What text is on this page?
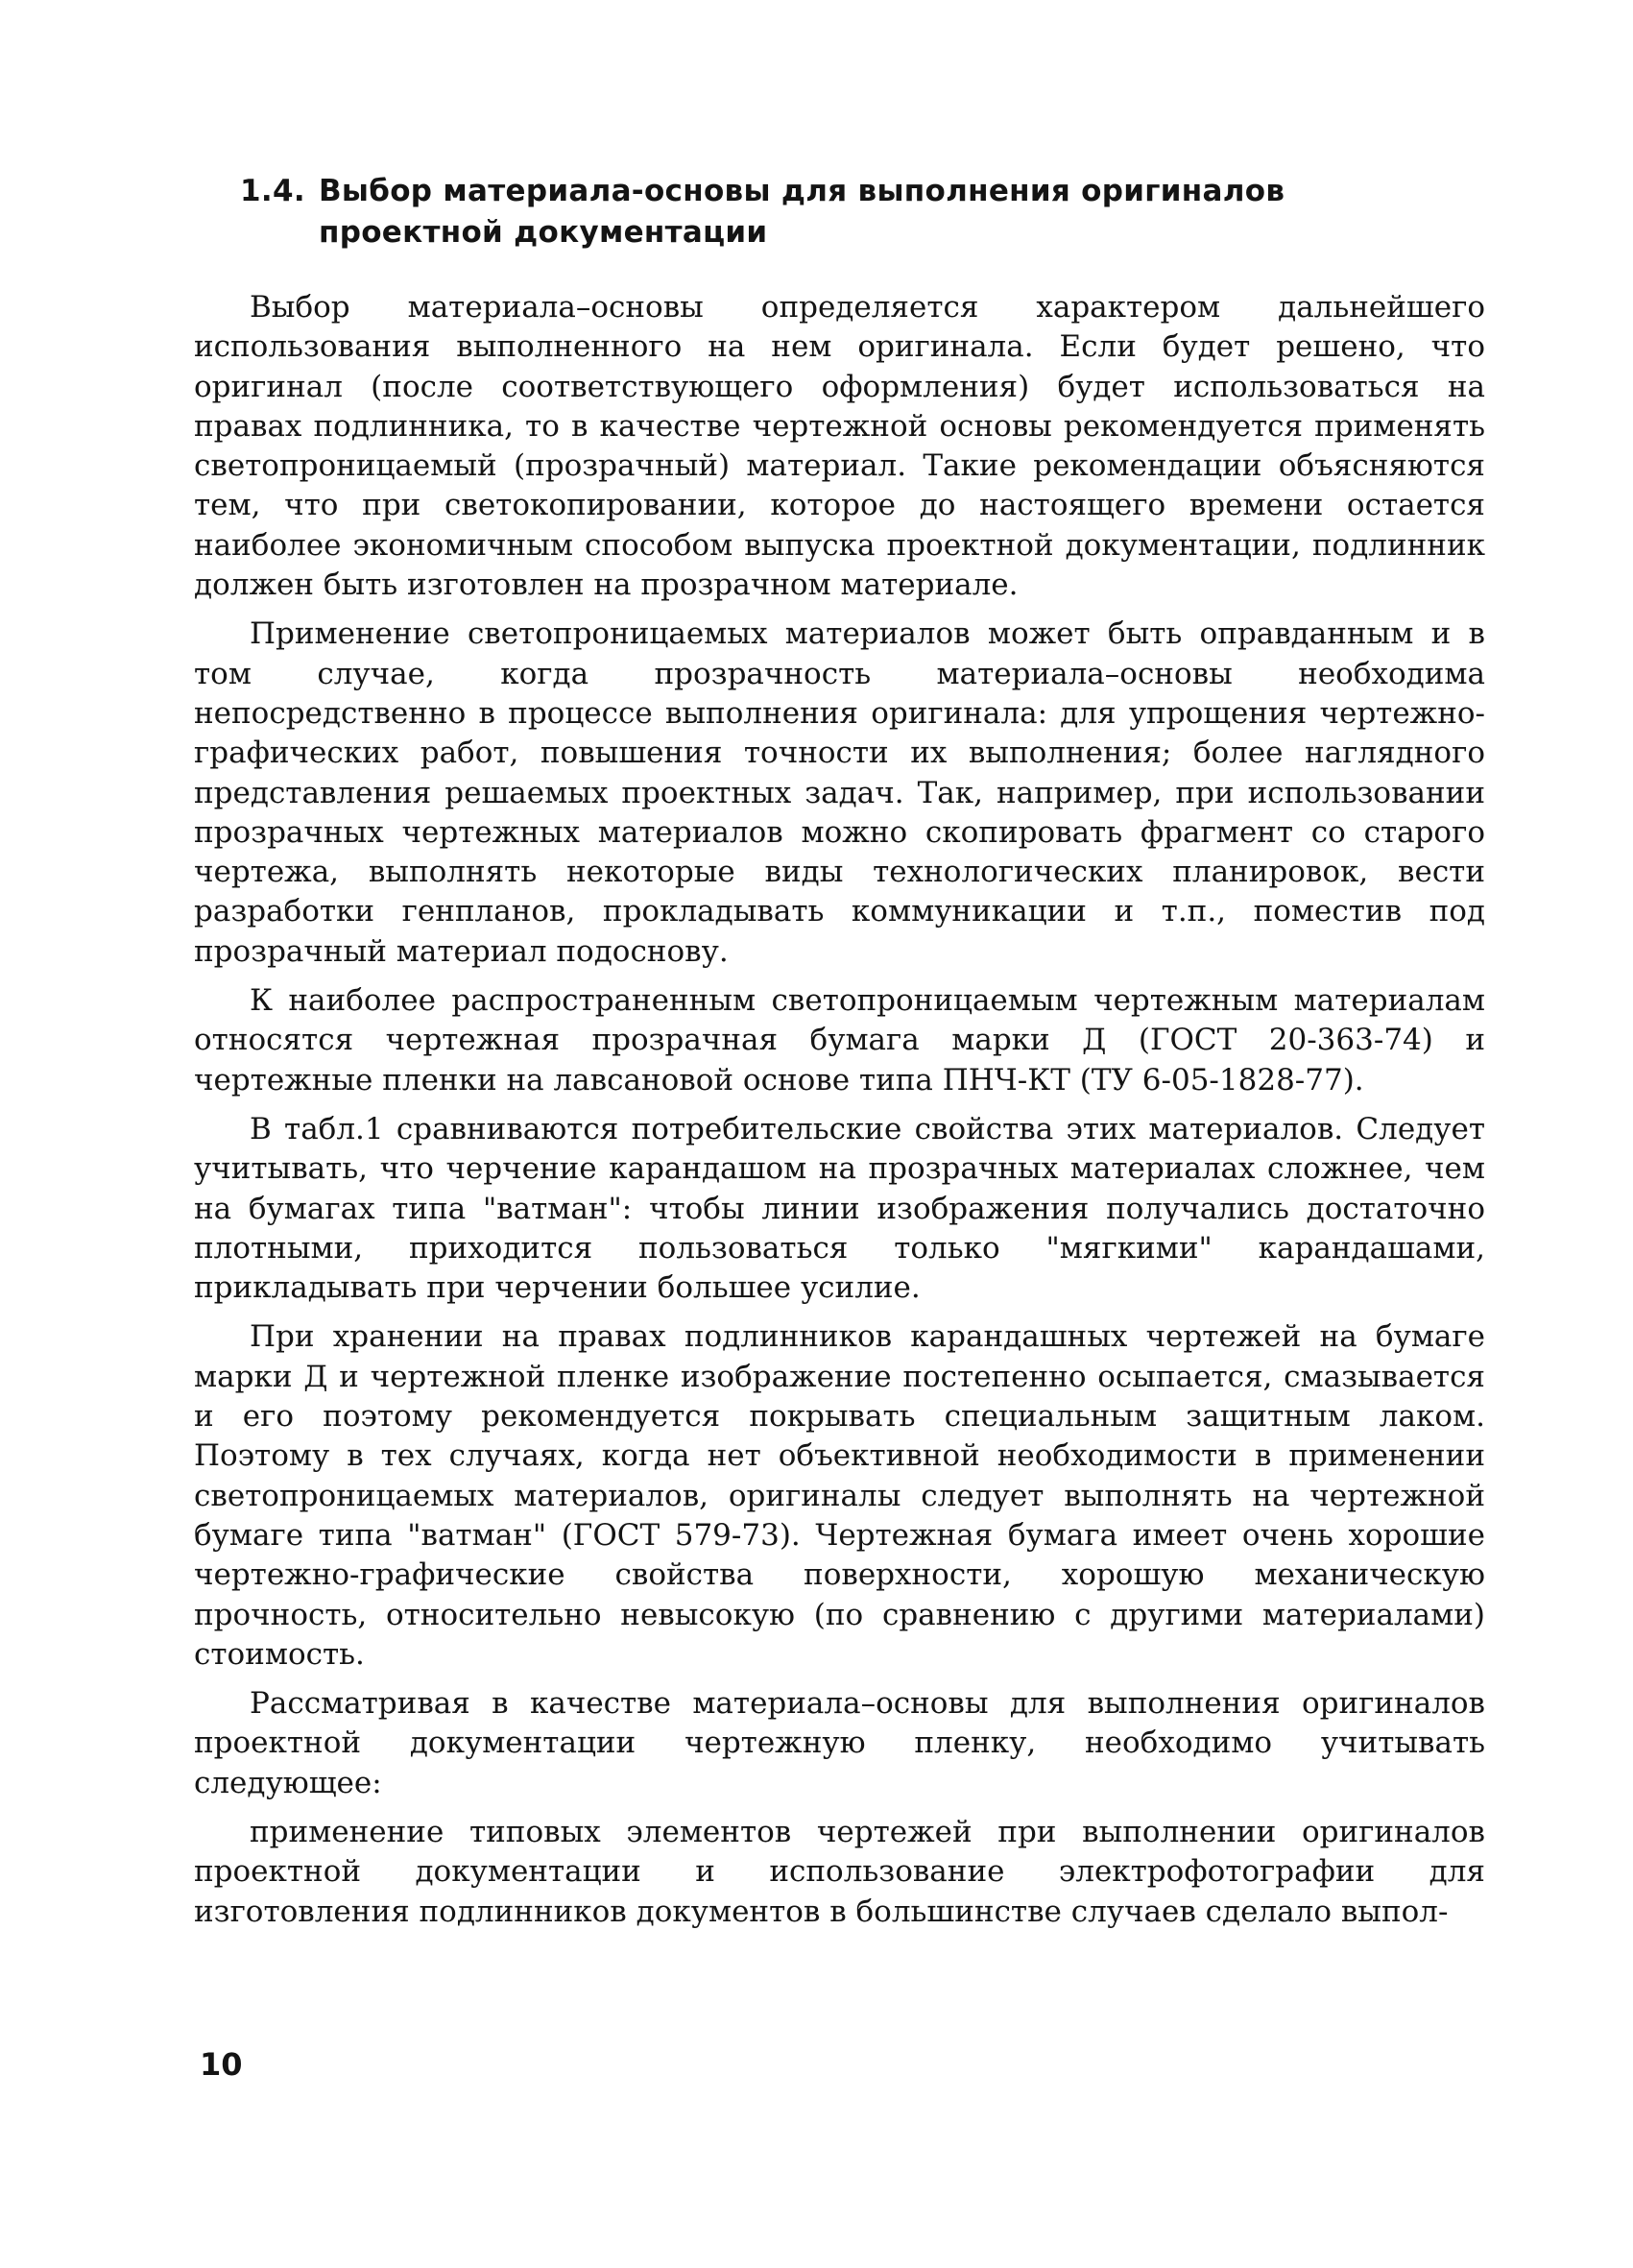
1.4. Выбор материала-основы для выполнения оригиналов
проектной документации

Выбор материала–основы определяется характером дальнейшего использования выполненного на нем оригинала. Если будет решено, что оригинал (после соответствующего оформления) будет использоваться на правах подлинника, то в качестве чертежной основы рекомендуется применять светопроницаемый (прозрачный) материал. Такие рекомендации объясняются тем, что при светокопировании, которое до настоящего времени остается наиболее экономичным способом выпуска проектной документации, подлинник должен быть изготовлен на прозрачном материале.

Применение светопроницаемых материалов может быть оправданным и в том случае, когда прозрачность материала–основы необходима непосредственно в процессе выполнения оригинала: для упрощения чертежно-графических работ, повышения точности их выполнения; более наглядного представления решаемых проектных задач. Так, например, при использовании прозрачных чертежных материалов можно скопировать фрагмент со старого чертежа, выполнять некоторые виды технологических планировок, вести разработки генпланов, прокладывать коммуникации и т.п., поместив под прозрачный материал подоснову.

К наиболее распространенным светопроницаемым чертежным материалам относятся чертежная прозрачная бумага марки Д (ГОСТ 20-363-74) и чертежные пленки на лавсановой основе типа ПНЧ-КТ (ТУ 6-05-1828-77).

В табл.1 сравниваются потребительские свойства этих материалов. Следует учитывать, что черчение карандашом на прозрачных материалах сложнее, чем на бумагах типа "ватман": чтобы линии изображения получались достаточно плотными, приходится пользоваться только "мягкими" карандашами, прикладывать при черчении большее усилие.

При хранении на правах подлинников карандашных чертежей на бумаге марки Д и чертежной пленке изображение постепенно осыпается, смазывается и его поэтому рекомендуется покрывать специальным защитным лаком. Поэтому в тех случаях, когда нет объективной необходимости в применении светопроницаемых материалов, оригиналы следует выполнять на чертежной бумаге типа "ватман" (ГОСТ 579-73). Чертежная бумага имеет очень хорошие чертежно-графические свойства поверхности, хорошую механическую прочность, относительно невысокую (по сравнению с другими материалами) стоимость.

Рассматривая в качестве материала–основы для выполнения оригиналов проектной документации чертежную пленку, необходимо учитывать следующее:

применение типовых элементов чертежей при выполнении оригиналов проектной документации и использование электрофотографии для изготовления подлинников документов в большинстве случаев сделало выпол-

10
